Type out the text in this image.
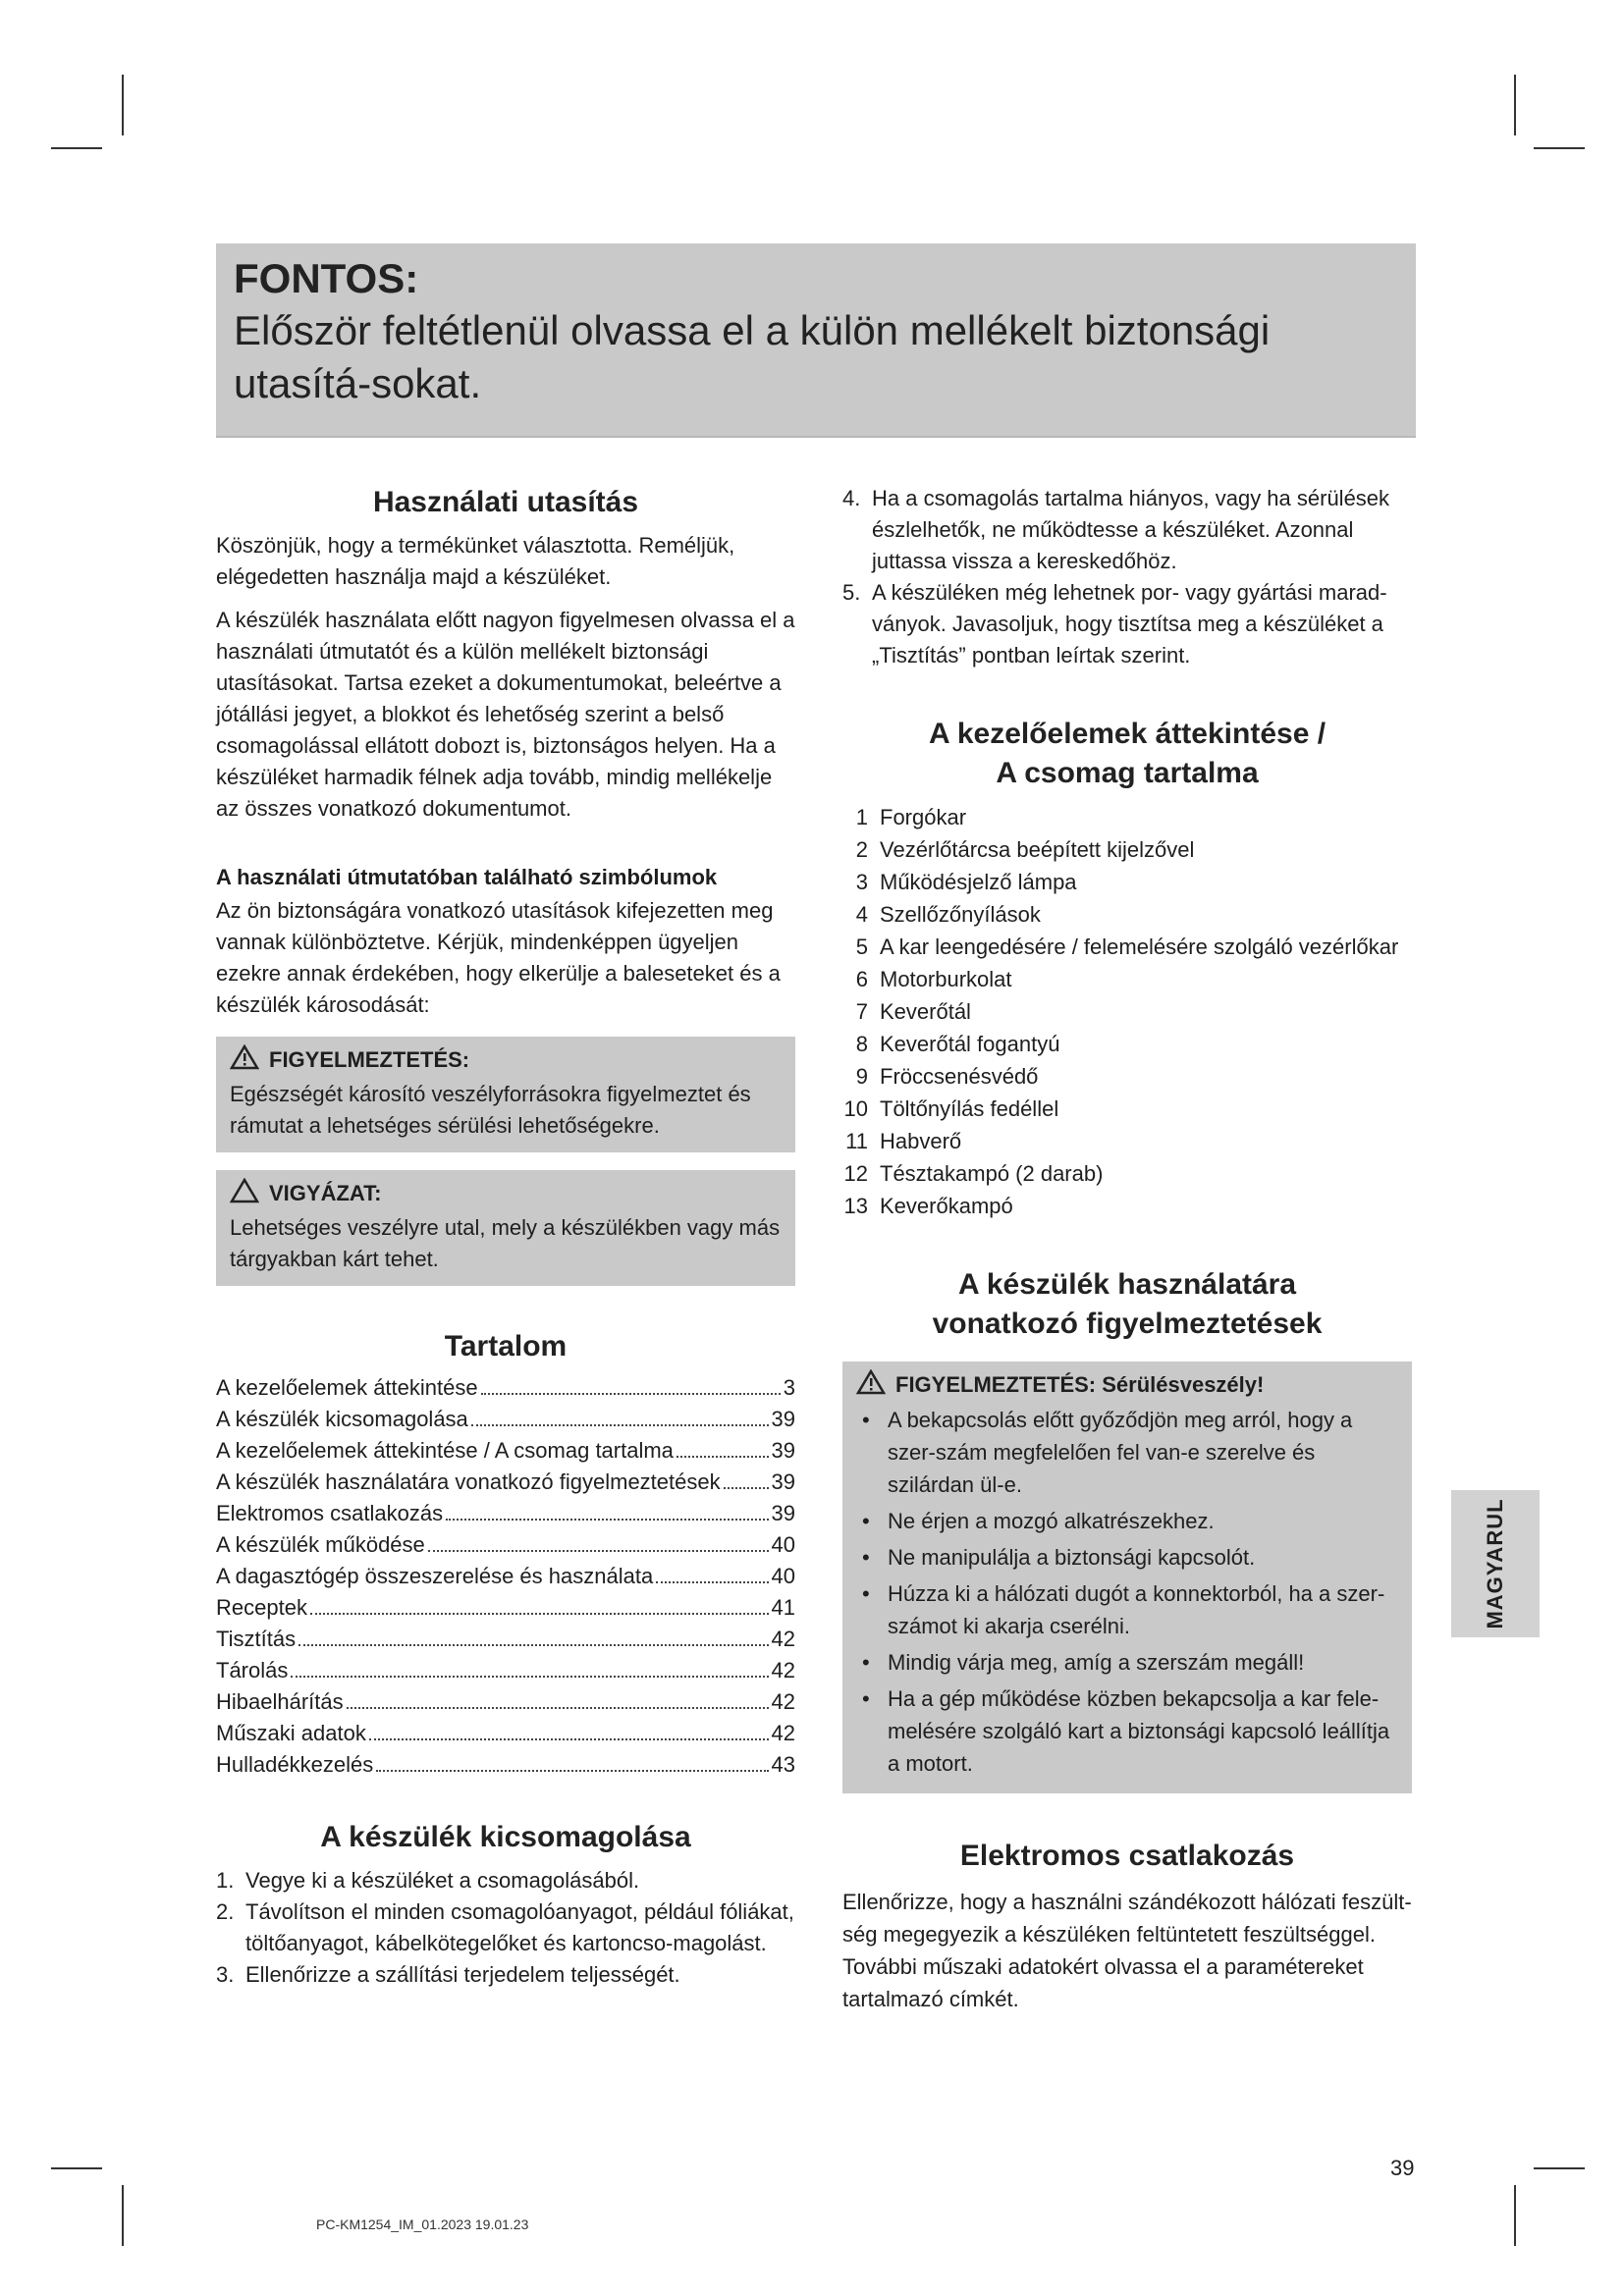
FONTOS:
Először feltétlenül olvassa el a külön mellékelt biztonsági utasítá-sokat.
Használati utasítás

Köszönjük, hogy a termékünket választotta. Reméljük, elégedetten használja majd a készüléket.

A készülék használata előtt nagyon figyelmesen olvassa el a használati útmutatót és a külön mellékelt biztonsági utasításokat. Tartsa ezeket a dokumentumokat, beleértve a jótállási jegyet, a blokkot és lehetőség szerint a belső csomagolással ellátott dobozt is, biztonságos helyen. Ha a készüléket harmadik félnek adja tovább, mindig mellékelje az összes vonatkozó dokumentumot.

A használati útmutatóban található szimbólumok

Az ön biztonságára vonatkozó utasítások kifejezetten meg vannak különböztetve. Kérjük, mindenképpen ügyeljen ezekre annak érdekében, hogy elkerülje a baleseteket és a készülék károsodását:

FIGYELMEZTETÉS:

Egészségét károsító veszélyforrásokra figyelmeztet és rámutat a lehetséges sérülési lehetőségekre.

VIGYÁZAT:

Lehetséges veszélyre utal, mely a készülékben vagy más tárgyakban kárt tehet.

Tartalom
A kezelőelemek áttekintése	3
A készülék kicsomagolása	39
A kezelőelemek áttekintése / A csomag tartalma	39
A készülék használatára vonatkozó figyelmeztetések 39
Elektromos csatlakozás	39
A készülék működése	40
A dagasztógép összeszerelése és használata	40
Receptek	41
Tisztítás	42
Tárolás	42
Hibaelhárítás	42
Műszaki adatok	42
Hulladékkezelés	43
A készülék kicsomagolása
1. Vegye ki a készüléket a csomagolásából.
2. Távolítson el minden csomagolóanyagot, például fóliákat, töltőanyagot, kábelkötegelőket és kartoncso-magolást.
3. Ellenőrizze a szállítási terjedelem teljességét.
4. Ha a csomagolás tartalma hiányos, vagy ha sérülések észlelhetők, ne működtesse a készüléket. Azonnal juttassa vissza a kereskedőhöz.
5. A készüléken még lehetnek por- vagy gyártási marad-ványok. Javasoljuk, hogy tisztítsa meg a készüléket a „Tisztítás” pontban leírtak szerint.
A kezelőelemek áttekintése /
A csomag tartalma
1 Forgókar
2 Vezérlőtárcsa beépített kijelzővel
3 Működésjelző lámpa
4 Szellőzőnyílások
5 A kar leengedésére / felemelésére szolgáló vezérlőkar
6 Motorburkolat
7 Keverőtál
8 Keverőtál fogantyú
9 Fröccsenésvédő
10 Töltőnyílás fedéllel
11 Habverő
12 Tésztakampó (2 darab)
13 Keverőkampó
A készülék használatára
vonatkozó figyelmeztetések
FIGYELMEZTETÉS: Sérülésveszély!
• A bekapcsolás előtt győződjön meg arról, hogy a szer-szám megfelelően fel van-e szerelve és szilárdan ül-e.
• Ne érjen a mozgó alkatrészekhez.
• Ne manipulálja a biztonsági kapcsolót.
• Húzza ki a hálózati dugót a konnektorból, ha a szer-számot ki akarja cserélni.
• Mindig várja meg, amíg a szerszám megáll!
• Ha a gép működése közben bekapcsolja a kar fele-melésére szolgáló kart a biztonsági kapcsoló leállítja a motort.
Elektromos csatlakozás

Ellenőrizze, hogy a használni szándékozott hálózati feszült-ség megegyezik a készüléken feltüntetett feszültséggel. További műszaki adatokért olvassa el a paramétereket tartalmazó címkét.

MAGYARUL
39
PC-KM1254_IM_01.2023 19.01.23
